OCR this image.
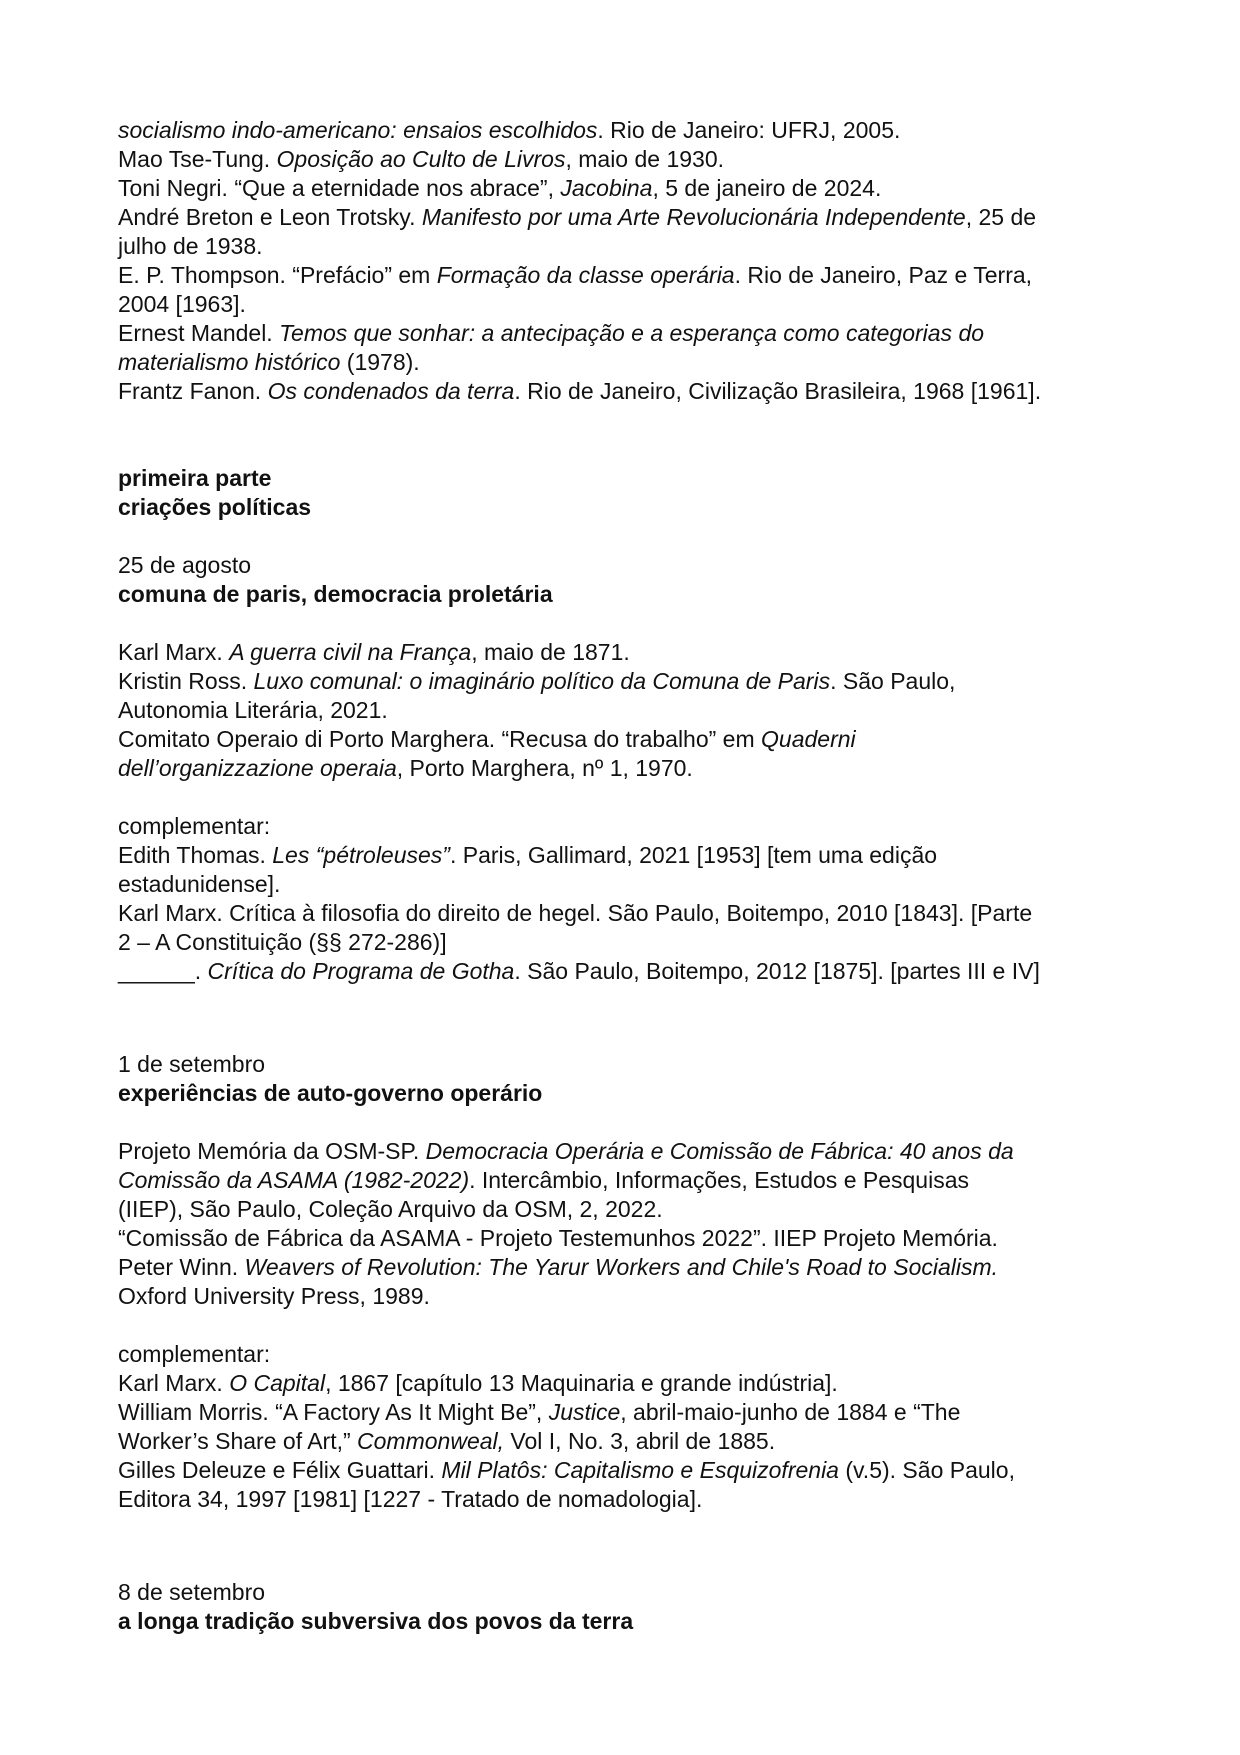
socialismo indo-americano: ensaios escolhidos. Rio de Janeiro: UFRJ, 2005.
Mao Tse-Tung. Oposição ao Culto de Livros, maio de 1930.
Toni Negri. “Que a eternidade nos abrace”, Jacobina, 5 de janeiro de 2024.
André Breton e Leon Trotsky. Manifesto por uma Arte Revolucionária Independente, 25 de
julho de 1938.
E. P. Thompson. “Prefácio” em Formação da classe operária. Rio de Janeiro, Paz e Terra,
2004 [1963].
Ernest Mandel. Temos que sonhar: a antecipação e a esperança como categorias do
materialismo histórico (1978).
Frantz Fanon. Os condenados da terra. Rio de Janeiro, Civilização Brasileira, 1968 [1961].
primeira parte
criações políticas
25 de agosto
comuna de paris, democracia proletária
Karl Marx. A guerra civil na França, maio de 1871.
Kristin Ross. Luxo comunal: o imaginário político da Comuna de Paris. São Paulo,
Autonomia Literária, 2021.
Comitato Operaio di Porto Marghera. “Recusa do trabalho” em Quaderni
dell’organizzazione operaia, Porto Marghera, nº 1, 1970.
complementar:
Edith Thomas. Les “pétroleuses”. Paris, Gallimard, 2021 [1953] [tem uma edição
estadunidense].
Karl Marx. Crítica à filosofia do direito de hegel. São Paulo, Boitempo, 2010 [1843]. [Parte
2 – A Constituição (§§ 272-286)]
______. Crítica do Programa de Gotha. São Paulo, Boitempo, 2012 [1875]. [partes III e IV]
1 de setembro
experiências de auto-governo operário
Projeto Memória da OSM-SP. Democracia Operária e Comissão de Fábrica: 40 anos da
Comissão da ASAMA (1982-2022). Intercâmbio, Informações, Estudos e Pesquisas
(IIEP), São Paulo, Coleção Arquivo da OSM, 2, 2022.
“Comissão de Fábrica da ASAMA - Projeto Testemunhos 2022”. IIEP Projeto Memória.
Peter Winn. Weavers of Revolution: The Yarur Workers and Chile's Road to Socialism.
Oxford University Press, 1989.
complementar:
Karl Marx. O Capital, 1867 [capítulo 13 Maquinaria e grande indústria].
William Morris. “A Factory As It Might Be”, Justice, abril-maio-junho de 1884 e “The
Worker’s Share of Art,” Commonweal, Vol I, No. 3, abril de 1885.
Gilles Deleuze e Félix Guattari. Mil Platôs: Capitalismo e Esquizofrenia (v.5). São Paulo,
Editora 34, 1997 [1981] [1227 - Tratado de nomadologia].
8 de setembro
a longa tradição subversiva dos povos da terra
